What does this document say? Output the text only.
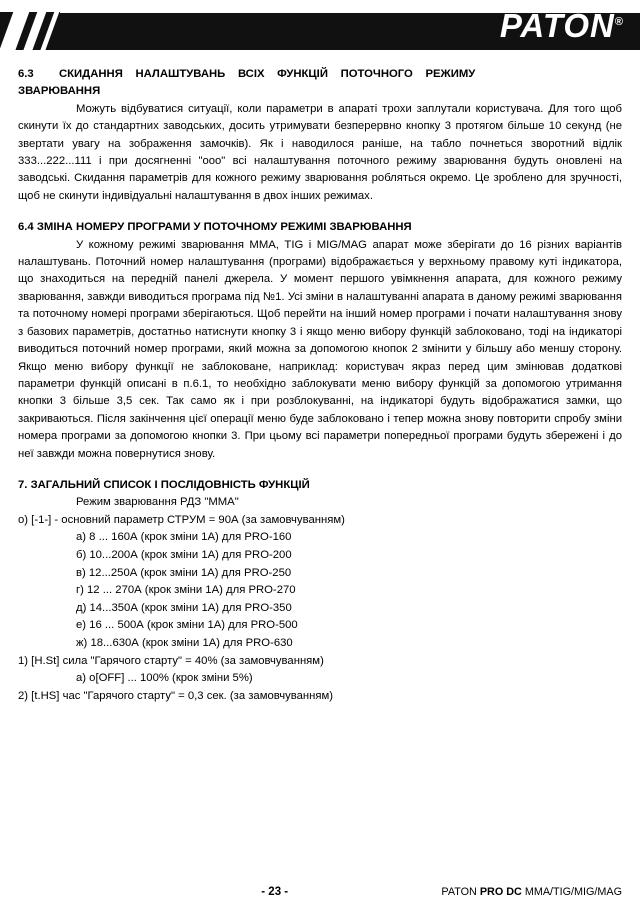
PATON®
6.3 СКИДАННЯ НАЛАШТУВАНЬ ВСІХ ФУНКЦІЙ ПОТОЧНОГО РЕЖИМУ
ЗВАРЮВАННЯ

Можуть відбуватися ситуації, коли параметри в апараті трохи заплутали користувача. Для того щоб скинути їх до стандартних заводських, досить утримувати безперервно кнопку 3 протягом більше 10 секунд (не звертати увагу на зображення замочків). Як і наводилося раніше, на табло почнеться зворотний відлік 333...222...111 і при досягненні "ooo" всі налаштування поточного режиму зварювання будуть оновлені на заводські. Скидання параметрів для кожного режиму зварювання робляться окремо. Це зроблено для зручності, щоб не скинути індивідуальні налаштування в двох інших режимах.

6.4 ЗМІНА НОМЕРУ ПРОГРАМИ У ПОТОЧНОМУ РЕЖИМІ ЗВАРЮВАННЯ

У кожному режимі зварювання ММА, TIG і MIG/MAG апарат може зберігати до 16 різних варіантів налаштувань. Поточний номер налаштування (програми) відображається у верхньому правому куті індикатора, що знаходиться на передній панелі джерела. У момент першого увімкнення апарата, для кожного режиму зварювання, завжди виводиться програма під №1. Усі зміни в налаштуванні апарата в даному режимі зварювання та поточному номері програми зберігаються. Щоб перейти на інший номер програми і почати налаштування знову з базових параметрів, достатньо натиснути кнопку 3 і якщо меню вибору функцій заблоковано, тоді на індикаторі виводиться поточний номер програми, який можна за допомогою кнопок 2 змінити у більшу або меншу сторону. Якщо меню вибору функції не заблоковане, наприклад: користувач якраз перед цим змінював додаткові параметри функцій описані в п.6.1, то необхідно заблокувати меню вибору функцій за допомогою утримання кнопки 3 більше 3,5 сек. Так само як і при розблокуванні, на індикаторі будуть відображатися замки, що закриваються. Після закінчення цієї операції меню буде заблоковано і тепер можна знову повторити спробу зміни номера програми за допомогою кнопки 3. При цьому всі параметри попередньої програми будуть збережені і до неї завжди можна повернутися знову.

7. ЗАГАЛЬНИЙ СПИСОК І ПОСЛІДОВНІСТЬ ФУНКЦІЙ

Режим зварювання РДЗ "ММА"

о) [-1-] - основний параметр СТРУМ = 90А (за замовчуванням)
а) 8 ... 160А (крок зміни 1А) для PRO-160
б) 10...200А (крок зміни 1А) для PRO-200
в) 12...250А (крок зміни 1А) для PRO-250
г) 12 ... 270А (крок зміни 1А) для PRO-270
д) 14...350А (крок зміни 1А) для PRO-350
е) 16 ... 500А (крок зміни 1А) для PRO-500
ж) 18...630А (крок зміни 1А) для PRO-630
1) [H.St] сила "Гарячого старту" = 40% (за замовчуванням)
а) о[OFF] ... 100% (крок зміни 5%)
2) [t.HS] час "Гарячого старту" = 0,3 сек. (за замовчуванням)
- 23 -	PATON PRO DC MMA/TIG/MIG/MAG
